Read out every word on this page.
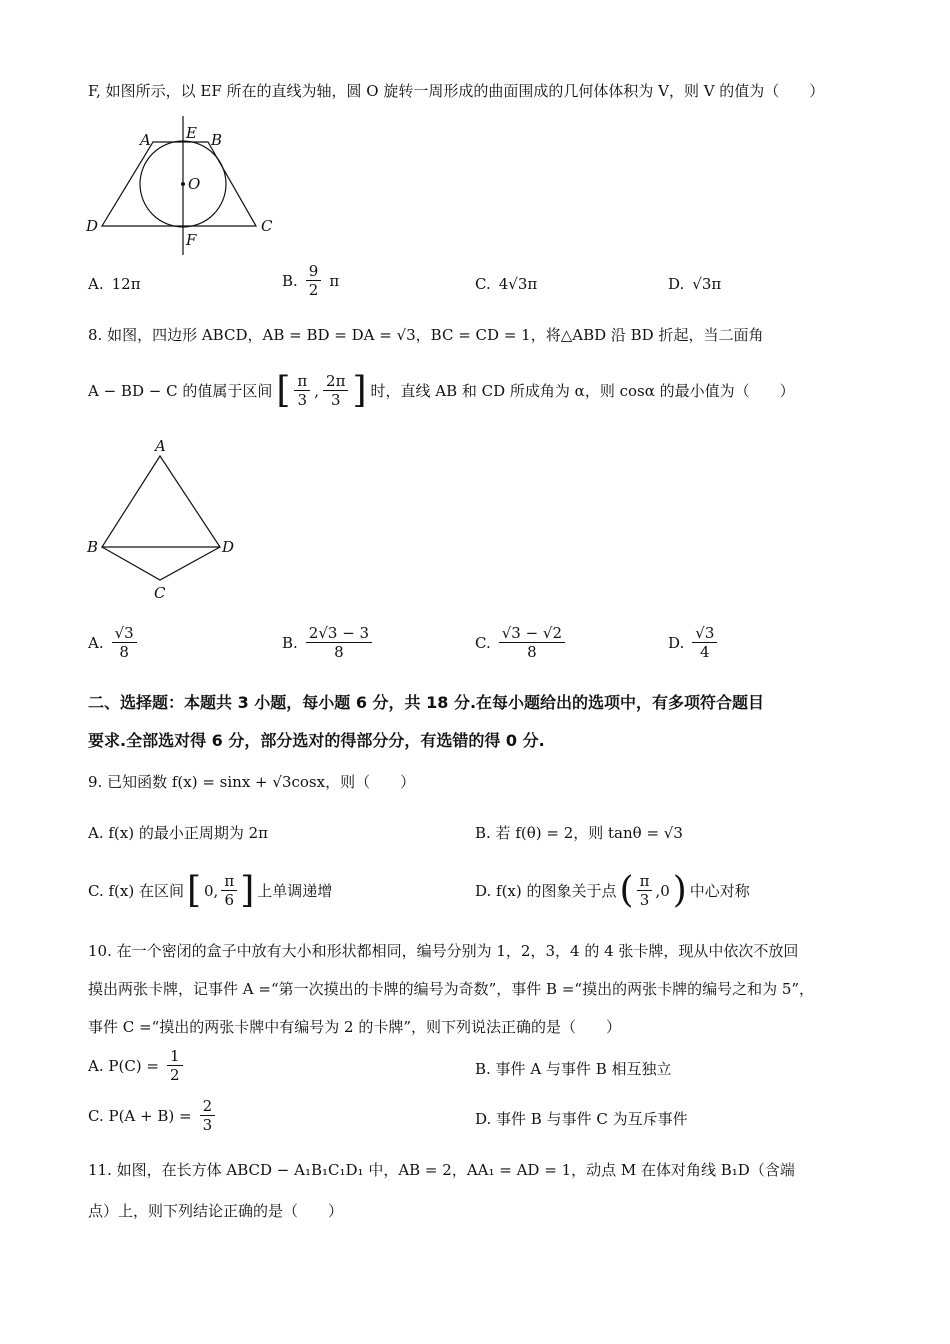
F, 如图所示，以 EF 所在的直线为轴，圆 O 旋转一周形成的曲面围成的几何体体积为 V，则 V 的值为（　　）
A E B
O
D	C
F
A. 12π	B. $\frac{9}{2}$ π	C. 4√3π	D. √3π
8. 如图，四边形 ABCD，AB = BD = DA = √3，BC = CD = 1，将△ABD 沿 BD 折起，当二面角
A − BD − C 的值属于区间 [ $\frac{\pi}{3}$ , $\frac{2\pi}{3}$ ] 时，直线 AB 和 CD 所成角为 α，则 cosα 的最小值为（　　）
A
B	D
C
A. $\frac{√3}{8}$	B. $\frac{2√3 - 3}{8}$	C. $\frac{√3 - √2}{8}$	D. $\frac{√3}{4}$
二、选择题：本题共 3 小题，每小题 6 分，共 18 分.在每小题给出的选项中，有多项符合题目
要求.全部选对得 6 分，部分选对的得部分分，有选错的得 0 分.
9. 已知函数 f(x) = sinx + √3cosx，则（　　）
A. f(x) 的最小正周期为 2π	B. 若 f(θ) = 2，则 tanθ = √3
C. f(x) 在区间 [ 0, $\frac{\pi}{6}$ ] 上单调递增	D. f(x) 的图象关于点 ( $\frac{\pi}{3} ,0$ ) 中心对称
10. 在一个密闭的盒子中放有大小和形状都相同，编号分别为 1，2，3，4 的 4 张卡牌，现从中依次不放回
摸出两张卡牌，记事件 A =“第一次摸出的卡牌的编号为奇数”，事件 B =“摸出的两张卡牌的编号之和为 5”，
事件 C =“摸出的两张卡牌中有编号为 2 的卡牌”，则下列说法正确的是（　　）
A. $P(C) = \frac{1}{2}$	B. 事件 A 与事件 B 相互独立
C. $P(A + B) = \frac{2}{3}$	D. 事件 B 与事件 C 为互斥事件
11. 如图，在长方体 ABCD − A₁B₁C₁D₁ 中，AB = 2，AA₁ = AD = 1，动点 M 在体对角线 B₁D（含端
点）上，则下列结论正确的是（　　）
